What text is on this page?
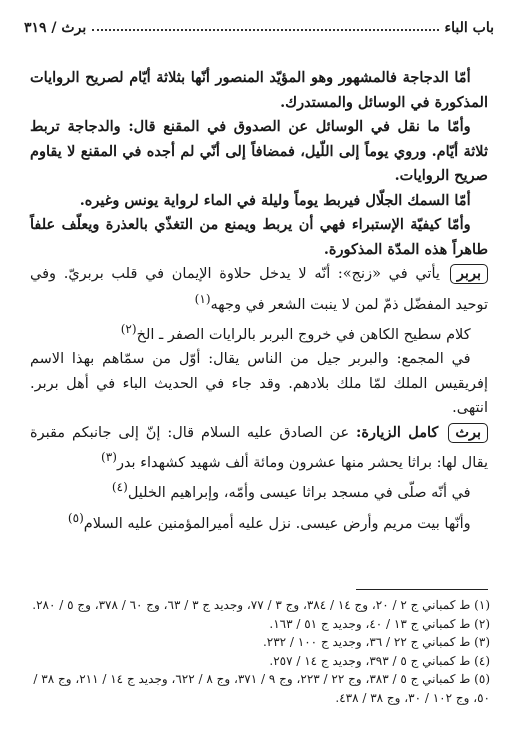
باب الباء
برث / ٣١٩

أمّا الدجاجة فالمشهور وهو المؤيّد المنصور أنّها بثلاثة أيّام لصريح الروايات المذكورة في الوسائل والمستدرك.

وأمّا ما نقل في الوسائل عن الصدوق في المقنع قال: والدجاجة تربط ثلاثة أيّام. وروي يوماً إلى اللّيل، فمضافاً إلى أنّي لم أجده في المقنع لا يقاوم صريح الروايات.

أمّا السمك الجلّال فيربط يوماً وليلة في الماء لرواية يونس وغيره.

وأمّا كيفيّة الإستبراء فهي أن يربط ويمنع من التغذّي بالعذرة ويعلّف علفاً طاهراً هذه المدّة المذكورة.

بربريأتي في «زنج»: أنّه لا يدخل حلاوة الإيمان في قلب بربريّ. وفي توحيد المفضّل ذمّ لمن لا ينبت الشعر في وجهه$^{(١)}$

كلام سطيح الكاهن في خروج البربر بالرايات الصفر ـ الخ$^{(٢)}$

في المجمع: والبربر جيل من الناس يقال: أوّل من سمّاهم بهذا الاسم إفريقيس الملك لمّا ملك بلادهم. وقد جاء في الحديث الباء في أهل بربر. انتهى.

برثكامل الزيارة: عن الصادق عليه السلام قال: إنّ إلى جانبكم مقبرة يقال لها: براثا يحشر منها عشرون ومائة ألف شهيد كشهداء بدر$^{(٣)}$

في أنّه صلّى في مسجد براثا عيسى وأمّه، وإبراهيم الخليل$^{(٤)}$

وأنّها بيت مريم وأرض عيسى. نزل عليه أميرالمؤمنين عليه السلام$^{(٥)}$

(١) ط كمباني ج ٢ / ٢٠، وج ١٤ / ٣٨٤، وج ٣ / ٧٧، وجديد ج ٣ / ٦٣، وج ٦٠ / ٣٧٨، وج ٥ / ٢٨٠.

(٢) ط كمباني ج ١٣ / ٤٠، وجديد ج ٥١ / ١٦٣.

(٣) ط كمباني ج ٢٢ / ٣٦، وجديد ج ١٠٠ / ٢٣٢.

(٤) ط كمباني ج ٥ / ٣٩٣، وجديد ج ١٤ / ٢٥٧.

(٥) ط كمباني ج ٥ / ٣٨٣، وج ٢٢ / ٢٢٣، وج ٩ / ٣٧١، وج ٨ / ٦٢٢، وجديد ج ١٤ / ٢١١، وج ٣٨ / ٥٠، وج ١٠٢ / ٣٠، وج ٣٨ / ٤٣٨.
